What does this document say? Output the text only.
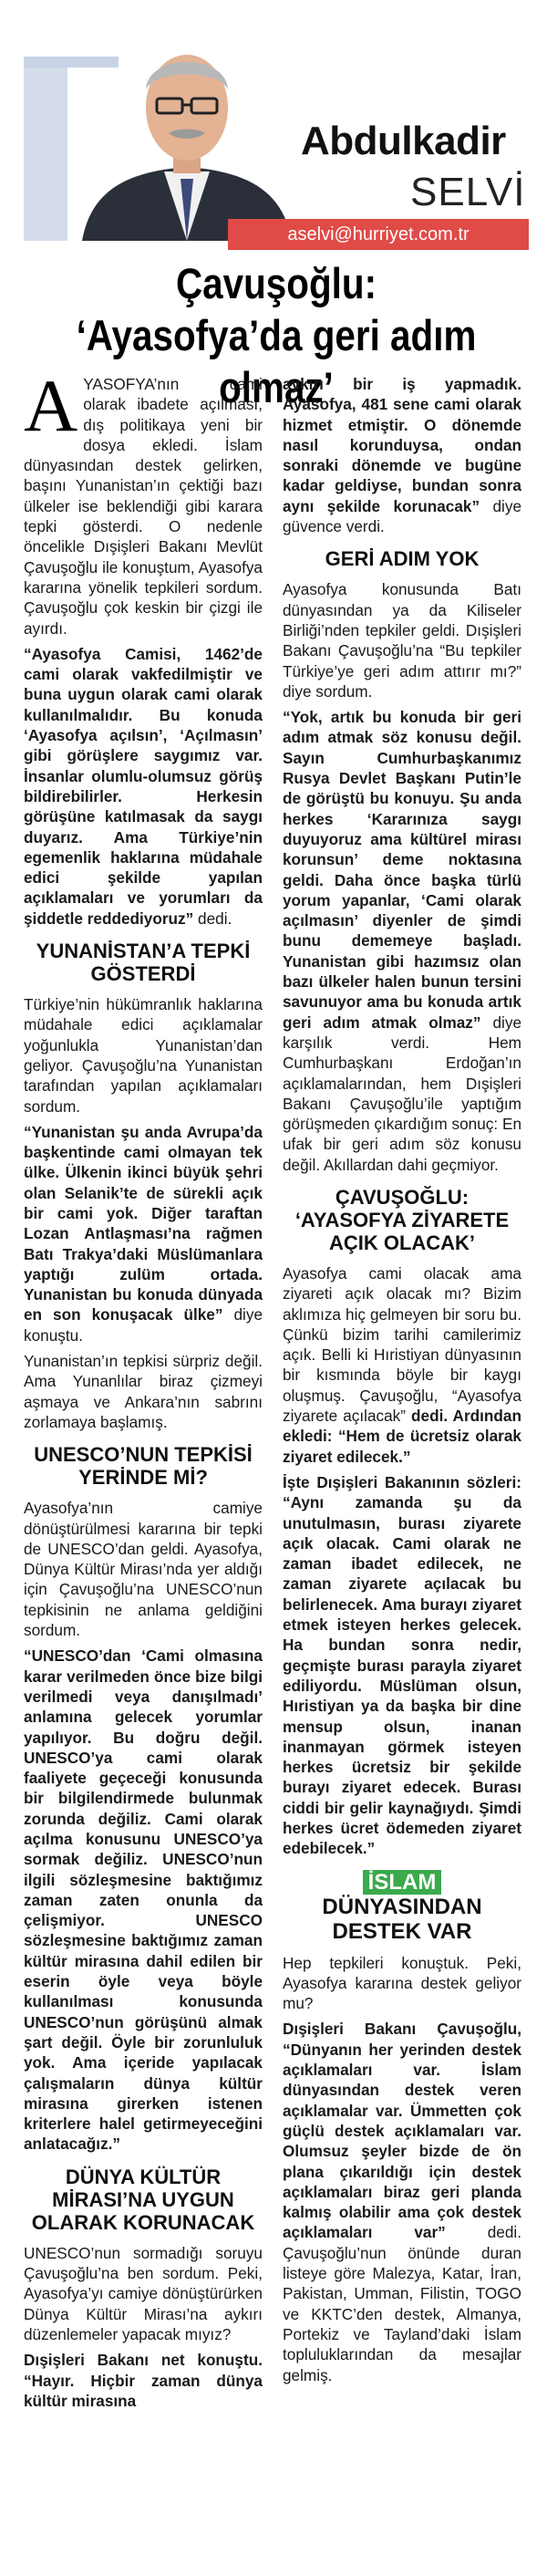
Abdulkadir
SELVİ
aselvi@hurriyet.com.tr
Çavuşoğlu: ‘Ayasofya’da geri adım olmaz’

AYASOFYA’nın cami olarak ibadete açılması, dış politikaya yeni bir dosya ekledi. İslam dünyasından destek gelirken, başını Yunanistan’ın çektiği bazı ülkeler ise beklendiği gibi karara tepki gösterdi. O nedenle öncelikle Dışişleri Bakanı Mevlüt Çavuşoğlu ile konuştum, Ayasofya kararına yönelik tepkileri sordum. Çavuşoğlu çok keskin bir çizgi ile ayırdı.

“Ayasofya Camisi, 1462’de cami olarak vakfedilmiştir ve buna uygun olarak cami olarak kullanılmalıdır. Bu konuda ‘Ayasofya açılsın’, ‘Açılmasın’ gibi görüşlere saygımız var. İnsanlar olumlu-olumsuz görüş bildirebilirler. Herkesin görüşüne katılmasak da saygı duyarız. Ama Türkiye’nin egemenlik haklarına müdahale edici şekilde yapılan açıklamaları ve yorumları da şiddetle reddediyoruz” dedi.

YUNANİSTAN’A TEPKİ GÖSTERDİ

Türkiye’nin hükümranlık haklarına müdahale edici açıklamalar yoğunlukla Yunanistan’dan geliyor. Çavuşoğlu’na Yunanistan tarafından yapılan açıklamaları sordum.

“Yunanistan şu anda Avrupa’da başkentinde cami olmayan tek ülke. Ülkenin ikinci büyük şehri olan Selanik’te de sürekli açık bir cami yok. Diğer taraftan Lozan Antlaşması’na rağmen Batı Trakya’daki Müslümanlara yaptığı zulüm ortada. Yunanistan bu konuda dünyada en son konuşacak ülke” diye konuştu.

Yunanistan’ın tepkisi sürpriz değil. Ama Yunanlılar biraz çizmeyi aşmaya ve Ankara’nın sabrını zorlamaya başlamış.

UNESCO’NUN TEPKİSİ YERİNDE Mİ?

Ayasofya’nın camiye dönüştürülmesi kararına bir tepki de UNESCO’dan geldi. Ayasofya, Dünya Kültür Mirası’nda yer aldığı için Çavuşoğlu’na UNESCO’nun tepkisinin ne anlama geldiğini sordum.

“UNESCO’dan ‘Cami olmasına karar verilmeden önce bize bilgi verilmedi veya danışılmadı’ anlamına gelecek yorumlar yapılıyor. Bu doğru değil. UNESCO’ya cami olarak faaliyete geçeceği konusunda bir bilgilendirmede bulunmak zorunda değiliz. Cami olarak açılma konusunu UNESCO’ya sormak değiliz. UNESCO’nun ilgili sözleşmesine baktığımız zaman zaten onunla da çelişmiyor. UNESCO sözleşmesine baktığımız zaman kültür mirasına dahil edilen bir eserin öyle veya böyle kullanılması konusunda UNESCO’nun görüşünü almak şart değil. Öyle bir zorunluluk yok. Ama içeride yapılacak çalışmaların dünya kültür mirasına girerken istenen kriterlere halel getirmeyeceğini anlatacağız.”

DÜNYA KÜLTÜR MİRASI’NA UYGUN OLARAK KORUNACAK

UNESCO’nun sormadığı soruyu Çavuşoğlu’na ben sordum. Peki, Ayasofya’yı camiye dönüştürürken Dünya Kültür Mirası’na aykırı düzenlemeler yapacak mıyız?

Dışişleri Bakanı net konuştu. “Hayır. Hiçbir zaman dünya kültür mirasına

aykırı bir iş yapmadık. Ayasofya, 481 sene cami olarak hizmet etmiştir. O dönemde nasıl korunduysa, ondan sonraki dönemde ve bugüne kadar geldiyse, bundan sonra aynı şekilde korunacak” diye güvence verdi.

GERİ ADIM YOK

Ayasofya konusunda Batı dünyasından ya da Kiliseler Birliği’nden tepkiler geldi. Dışişleri Bakanı Çavuşoğlu’na “Bu tepkiler Türkiye’ye geri adım attırır mı?” diye sordum.

“Yok, artık bu konuda bir geri adım atmak söz konusu değil. Sayın Cumhurbaşkanımız Rusya Devlet Başkanı Putin’le de görüştü bu konuyu. Şu anda herkes ‘Kararınıza saygı duyuyoruz ama kültürel mirası korunsun’ deme noktasına geldi. Daha önce başka türlü yorum yapanlar, ‘Cami olarak açılmasın’ diyenler de şimdi bunu dememeye başladı. Yunanistan gibi hazımsız olan bazı ülkeler halen bunun tersini savunuyor ama bu konuda artık geri adım atmak olmaz” diye karşılık verdi. Hem Cumhurbaşkanı Erdoğan’ın açıklamalarından, hem Dışişleri Bakanı Çavuşoğlu’ile yaptığım görüşmeden çıkardığım sonuç: En ufak bir geri adım söz konusu değil. Akıllardan dahi geçmiyor.

ÇAVUŞOĞLU: ‘AYASOFYA ZİYARETE AÇIK OLACAK’

Ayasofya cami olacak ama ziyareti açık olacak mı? Bizim aklımıza hiç gelmeyen bir soru bu. Çünkü bizim tarihi camilerimiz açık. Belli ki Hıristiyan dünyasının bir kısmında böyle bir kaygı oluşmuş. Çavuşoğlu, “Ayasofya ziyarete açılacak” dedi. Ardından ekledi: “Hem de ücretsiz olarak ziyaret edilecek.”

İşte Dışişleri Bakanının sözleri: “Aynı zamanda şu da unutulmasın, burası ziyarete açık olacak. Cami olarak ne zaman ibadet edilecek, ne zaman ziyarete açılacak bu belirlenecek. Ama burayı ziyaret etmek isteyen herkes gelecek. Ha bundan sonra nedir, geçmişte burası parayla ziyaret ediliyordu. Müslüman olsun, Hıristiyan ya da başka bir dine mensup olsun, inanan inanmayan görmek isteyen herkes ücretsiz bir şekilde burayı ziyaret edecek. Burası ciddi bir gelir kaynağıydı. Şimdi herkes ücret ödemeden ziyaret edebilecek.”

İSLAM
DÜNYASINDAN DESTEK VAR

Hep tepkileri konuştuk. Peki, Ayasofya kararına destek geliyor mu?

Dışişleri Bakanı Çavuşoğlu, “Dünyanın her yerinden destek açıklamaları var. İslam dünyasından destek veren açıklamalar var. Ümmetten çok güçlü destek açıklamaları var. Olumsuz şeyler bizde de ön plana çıkarıldığı için destek açıklamaları biraz geri planda kalmış olabilir ama çok destek açıklamaları var”	dedi. Çavuşoğlu’nun önünde duran listeye göre Malezya, Katar, İran, Pakistan, Umman, Filistin, TOGO ve KKTC’den destek, Almanya, Portekiz ve Tayland’daki İslam topluluklarından da mesajlar gelmiş.
